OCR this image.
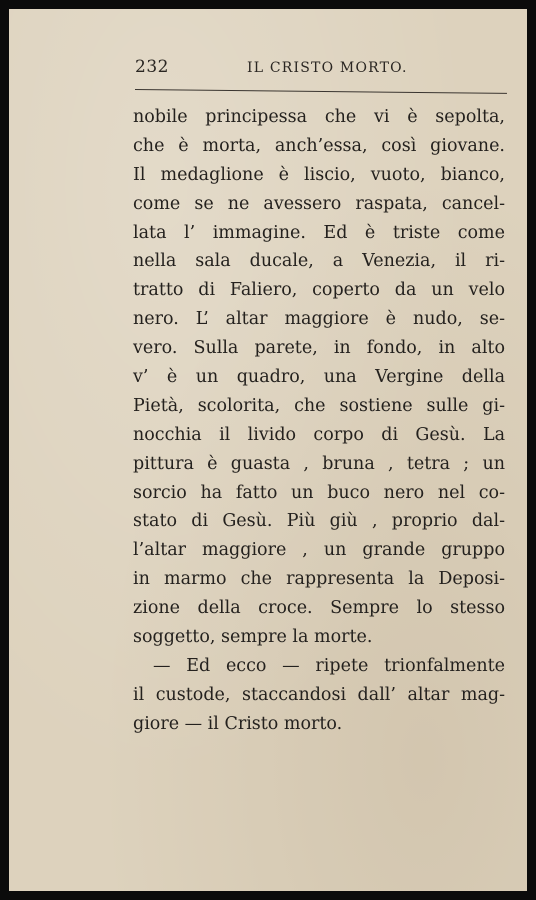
232	IL CRISTO MORTO.
nobile principessa che vi è sepolta,
che è morta, anch’essa, così giovane.
Il medaglione è liscio, vuoto, bianco,
come se ne avessero raspata, cancel-
lata l’ immagine. Ed è triste come
nella sala ducale, a Venezia, il ri-
tratto di Faliero, coperto da un velo
nero. L’ altar maggiore è nudo, se-
vero. Sulla parete, in fondo, in alto
v’ è un quadro, una Vergine della
Pietà, scolorita, che sostiene sulle gi-
nocchia il livido corpo di Gesù. La
pittura è guasta , bruna , tetra ; un
sorcio ha fatto un buco nero nel co-
stato di Gesù. Più giù , proprio dal-
l’altar maggiore , un grande gruppo
in marmo che rappresenta la Deposi-
zione della croce. Sempre lo stesso
soggetto, sempre la morte.
— Ed ecco — ripete trionfalmente
il custode, staccandosi dall’ altar mag-
giore — il Cristo morto.
